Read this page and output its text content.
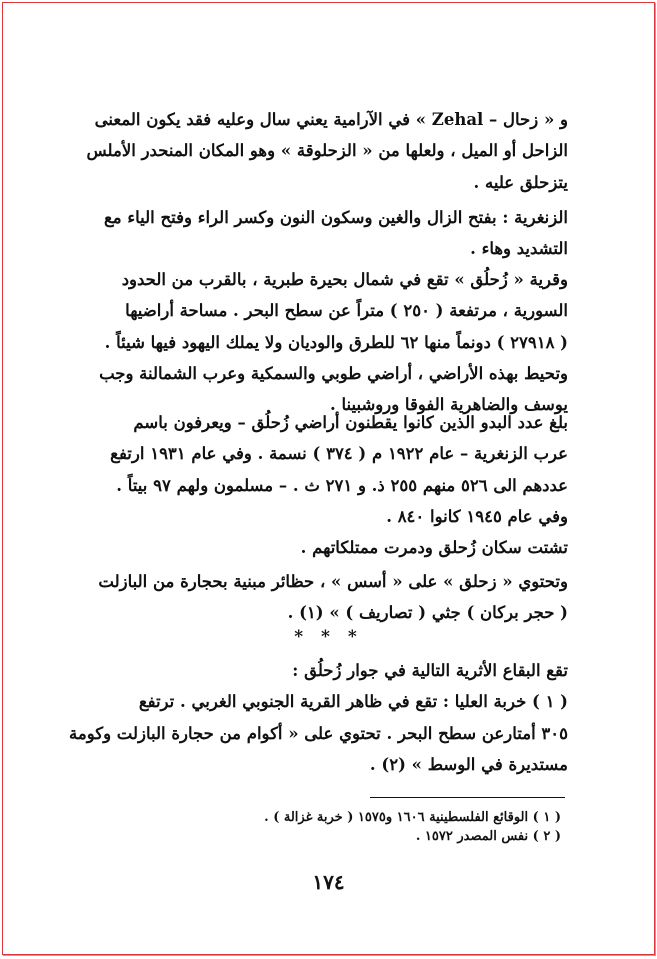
و « زحال – Zehal » في الآرامية يعني سال وعليه فقد يكون المعنى
الزاحل أو الميل ، ولعلها من « الزحلوقة » وهو المكان المنحدر الأملس
يتزحلق عليه .
الزنغرية : بفتح الزال والغين وسكون النون وكسر الراء وفتح الياء مع
التشديد وهاء .
وقرية « زُحلُق » تقع في شمال بحيرة طبرية ، بالقرب من الحدود
السورية ، مرتفعة ( ٢٥٠ ) متراً عن سطح البحر . مساحة أراضيها
( ٢٧٩١٨ ) دونماً منها ٦٢ للطرق والوديان ولا يملك اليهود فيها شيئاً .
وتحيط بهذه الأراضي ، أراضي طوبي والسمكية وعرب الشمالنة وجب
يوسف والضاهرية الفوقا وروشبينا .
بلغ عدد البدو الذين كانوا يقطنون أراضي زُحلُق – ويعرفون باسم
عرب الزنغرية – عام ١٩٢٢ م ( ٣٧٤ ) نسمة . وفي عام ١٩٣١ ارتفع
عددهم الى ٥٢٦ منهم ٢٥٥ ذ. و ٢٧١ ث . – مسلمون ولهم ٩٧ بيتاً .
وفي عام ١٩٤٥ كانوا ٨٤٠ .
تشتت سكان زُحلق ودمرت ممتلكاتهم .
وتحتوي « زحلق » على « أسس » ، حظائر مبنية بحجارة من البازلت
( حجر بركان ) جثي ( تصاريف ) » (١) .
* * *
تقع البقاع الأثرية التالية في جوار زُحلُق :
( ١ ) خربة العليا : تقع في ظاهر القرية الجنوبي الغربي . ترتفع
٣٠٥ أمتارعن سطح البحر . تحتوي على « أكوام من حجارة البازلت وكومة
مستديرة في الوسط » (٢) .
( ١ ) الوقائع الفلسطينية ١٦٠٦ و١٥٧٥ ( خربة غزالة ) .
( ٢ ) نفس المصدر ١٥٧٢ .
١٧٤
